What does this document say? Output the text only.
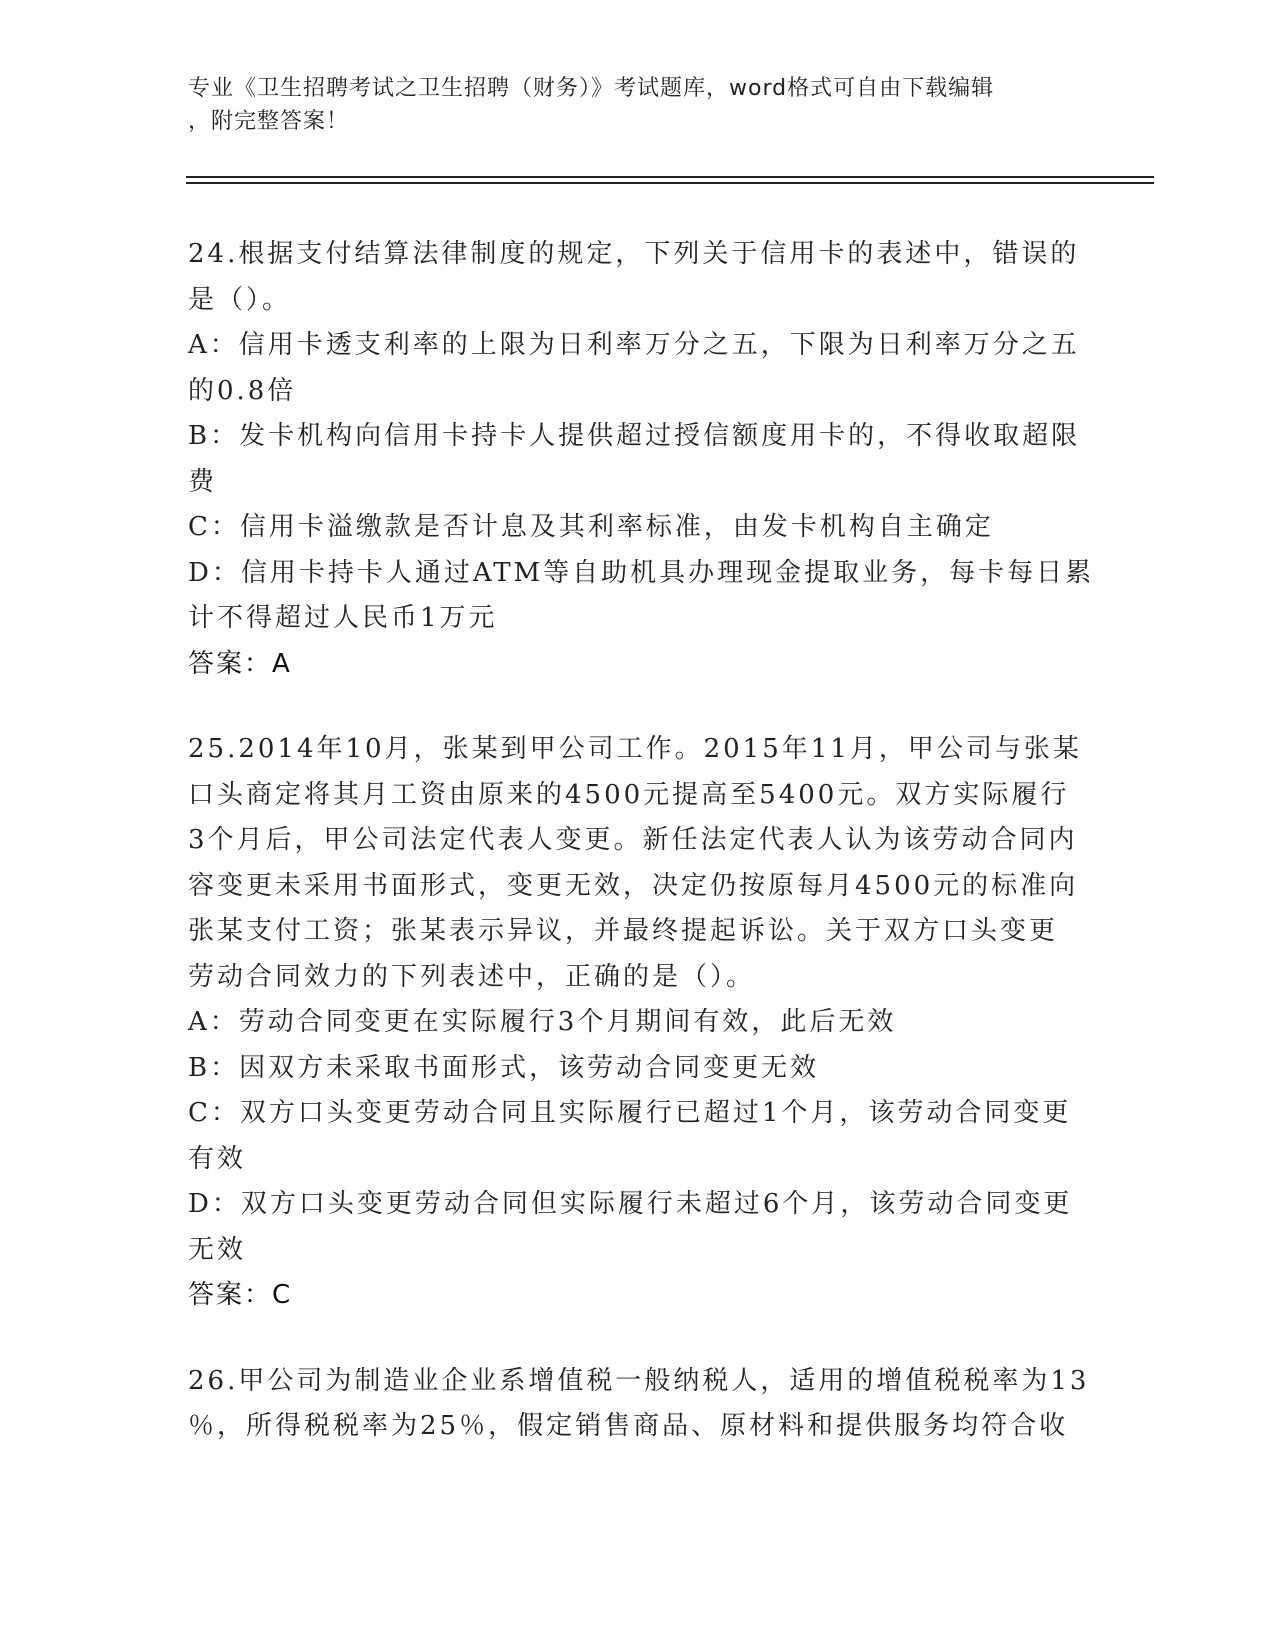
专业《卫生招聘考试之卫生招聘（财务）》考试题库，word格式可自由下载编辑
，附完整答案！
24.根据支付结算法律制度的规定，下列关于信用卡的表述中，错误的
是（）。
A：信用卡透支利率的上限为日利率万分之五，下限为日利率万分之五
的0.8倍
B：发卡机构向信用卡持卡人提供超过授信额度用卡的，不得收取超限
费
C：信用卡溢缴款是否计息及其利率标准，由发卡机构自主确定
D：信用卡持卡人通过ATM等自助机具办理现金提取业务，每卡每日累
计不得超过人民币1万元
答案：A
25.2014年10月，张某到甲公司工作。2015年11月，甲公司与张某
口头商定将其月工资由原来的4500元提高至5400元。双方实际履行
3个月后，甲公司法定代表人变更。新任法定代表人认为该劳动合同内
容变更未采用书面形式，变更无效，决定仍按原每月4500元的标准向
张某支付工资；张某表示异议，并最终提起诉讼。关于双方口头变更
劳动合同效力的下列表述中，正确的是（）。
A：劳动合同变更在实际履行3个月期间有效，此后无效
B：因双方未采取书面形式，该劳动合同变更无效
C：双方口头变更劳动合同且实际履行已超过1个月，该劳动合同变更
有效
D：双方口头变更劳动合同但实际履行未超过6个月，该劳动合同变更
无效
答案：C
26.甲公司为制造业企业系增值税一般纳税人，适用的增值税税率为13
％，所得税税率为25％，假定销售商品、原材料和提供服务均符合收
